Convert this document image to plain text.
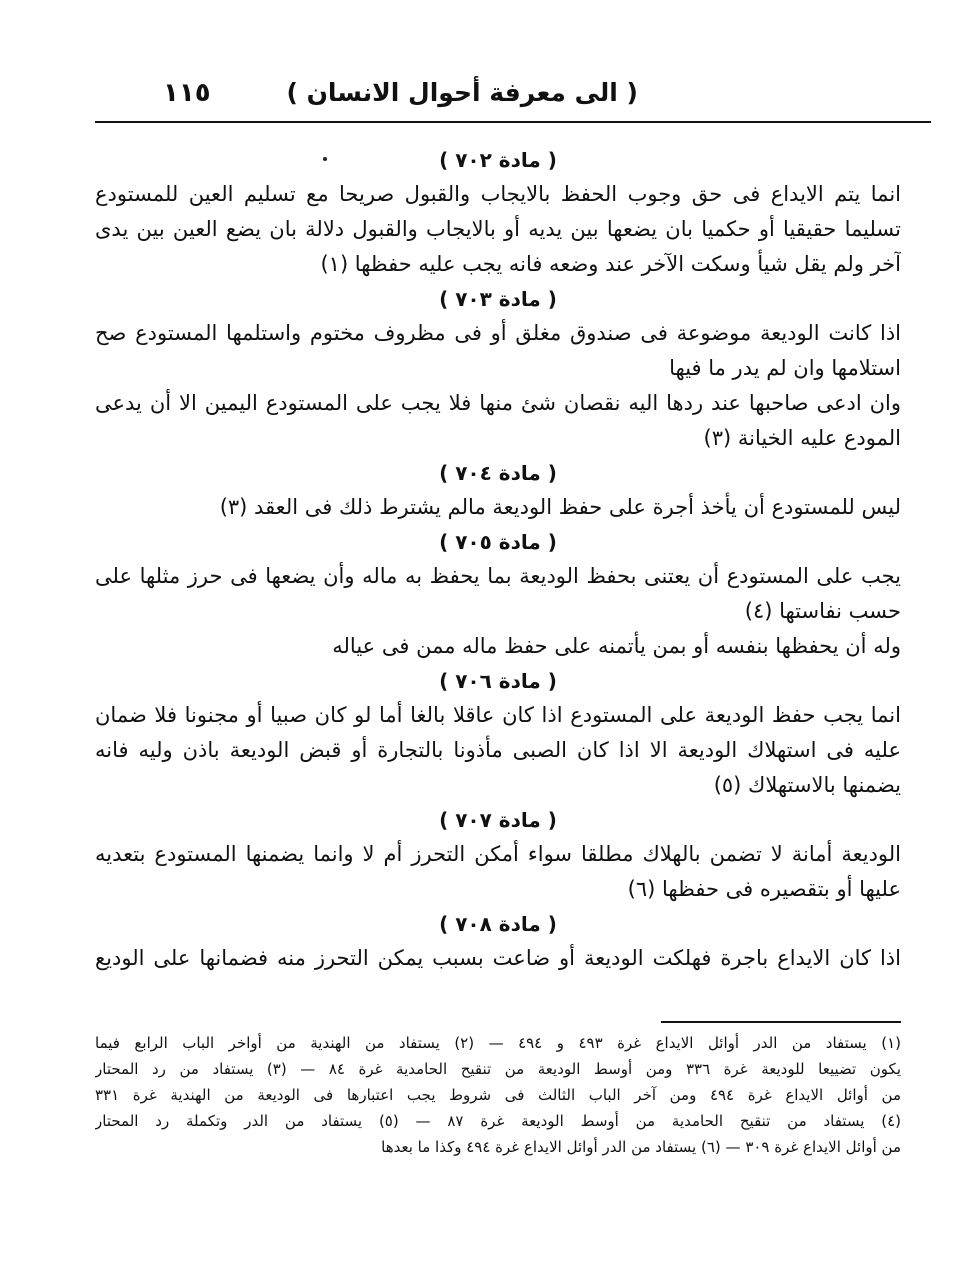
( الى معرفة أحوال الانسان )
١١٥
( مادة ٧٠٢ )
انما يتم الايداع فى حق وجوب الحفظ بالايجاب والقبول صريحا مع تسليم العين للمستودع
تسليما حقيقيا أو حكميا بان يضعها بين يديه أو بالايجاب والقبول دلالة بان يضع العين بين يدى
آخر ولم يقل شيأ وسكت الآخر عند وضعه فانه يجب عليه حفظها (١)
( مادة ٧٠٣ )
اذا كانت الوديعة موضوعة فى صندوق مغلق أو فى مظروف مختوم واستلمها المستودع صح
استلامها وان لم يدر ما فيها
وان ادعى صاحبها عند ردها اليه نقصان شئ منها فلا يجب على المستودع اليمين الا أن يدعى
المودع عليه الخيانة (٣)
( مادة ٧٠٤ )
ليس للمستودع أن يأخذ أجرة على حفظ الوديعة مالم يشترط ذلك فى العقد (٣)
( مادة ٧٠٥ )
يجب على المستودع أن يعتنى بحفظ الوديعة بما يحفظ به ماله وأن يضعها فى حرز مثلها على
حسب نفاستها (٤)
وله أن يحفظها بنفسه أو بمن يأتمنه على حفظ ماله ممن فى عياله
( مادة ٧٠٦ )
انما يجب حفظ الوديعة على المستودع اذا كان عاقلا بالغا أما لو كان صبيا أو مجنونا فلا ضمان
عليه فى استهلاك الوديعة الا اذا كان الصبى مأذونا بالتجارة أو قبض الوديعة باذن وليه فانه
يضمنها بالاستهلاك (٥)
( مادة ٧٠٧ )
الوديعة أمانة لا تضمن بالهلاك مطلقا سواء أمكن التحرز أم لا وانما يضمنها المستودع بتعديه
عليها أو بتقصيره فى حفظها (٦)
( مادة ٧٠٨ )
اذا كان الايداع باجرة فهلكت الوديعة أو ضاعت بسبب يمكن التحرز منه فضمانها على الوديع
(١) يستفاد من الدر أوائل الايداع غرة ٤٩٣ و ٤٩٤ — (٢) يستفاد من الهندية من أواخر الباب الرابع فيما
يكون تضييعا للوديعة غرة ٣٣٦ ومن أوسط الوديعة من تنقيح الحامدية غرة ٨٤ — (٣) يستفاد من رد المحتار
من أوائل الايداع غرة ٤٩٤ ومن آخر الباب الثالث فى شروط يجب اعتبارها فى الوديعة من الهندية غرة ٣٣١
(٤) يستفاد من تنقيح الحامدية من أوسط الوديعة غرة ٨٧ — (٥) يستفاد من الدر وتكملة رد المحتار
من أوائل الايداع غرة ٣٠٩ — (٦) يستفاد من الدر أوائل الايداع غرة ٤٩٤ وكذا ما بعدها
